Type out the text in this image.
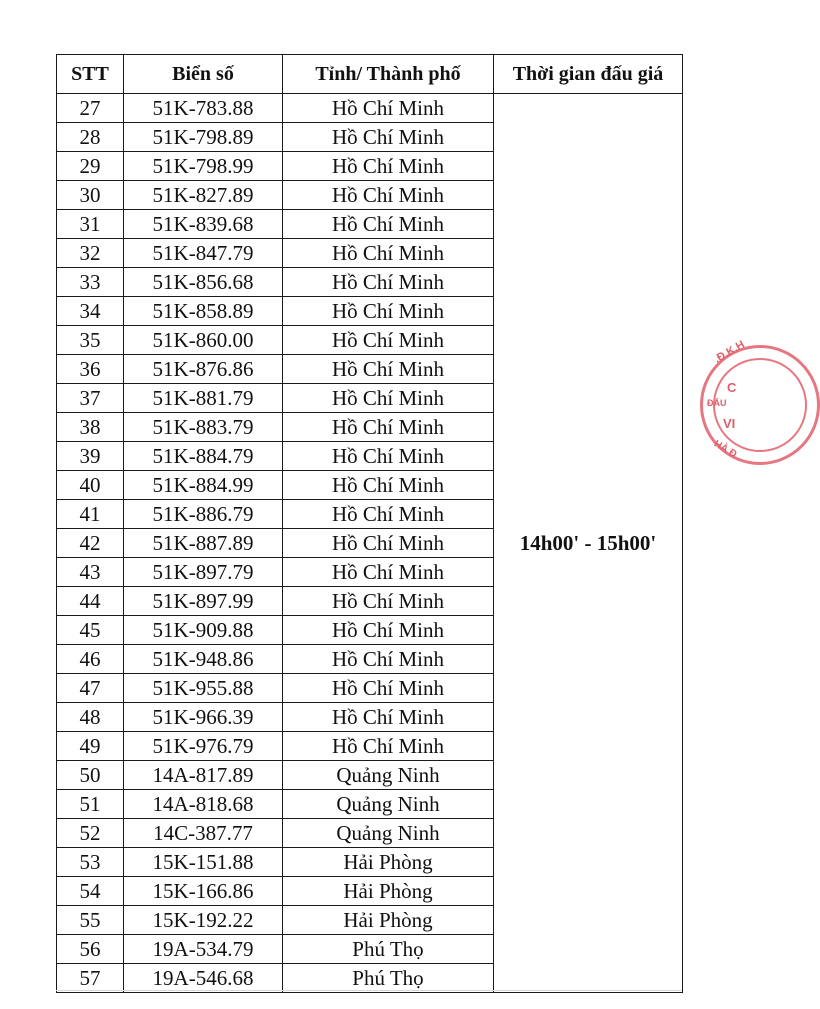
STT	Biển số	Tỉnh/ Thành phố	Thời gian đấu giá
27	51K-783.88	Hồ Chí Minh	14h00' - 15h00'
28	51K-798.89	Hồ Chí Minh	
29	51K-798.99	Hồ Chí Minh	
30	51K-827.89	Hồ Chí Minh	
31	51K-839.68	Hồ Chí Minh	
32	51K-847.79	Hồ Chí Minh	
33	51K-856.68	Hồ Chí Minh	
34	51K-858.89	Hồ Chí Minh	
35	51K-860.00	Hồ Chí Minh	
36	51K-876.86	Hồ Chí Minh	
37	51K-881.79	Hồ Chí Minh	
38	51K-883.79	Hồ Chí Minh	
39	51K-884.79	Hồ Chí Minh	
40	51K-884.99	Hồ Chí Minh	
41	51K-886.79	Hồ Chí Minh	
42	51K-887.89	Hồ Chí Minh	
43	51K-897.79	Hồ Chí Minh	
44	51K-897.99	Hồ Chí Minh	
45	51K-909.88	Hồ Chí Minh	
46	51K-948.86	Hồ Chí Minh	
47	51K-955.88	Hồ Chí Minh	
48	51K-966.39	Hồ Chí Minh	
49	51K-976.79	Hồ Chí Minh	
50	14A-817.89	Quảng Ninh	
51	14A-818.68	Quảng Ninh	
52	14C-387.77	Quảng Ninh	
53	15K-151.88	Hải Phòng	
54	15K-166.86	Hải Phòng	
55	15K-192.22	Hải Phòng	
56	19A-534.79	Phú Thọ	
57	19A-546.68	Phú Thọ	
.Đ.K.H
C
ĐẤU
VI
HÀ Đ
